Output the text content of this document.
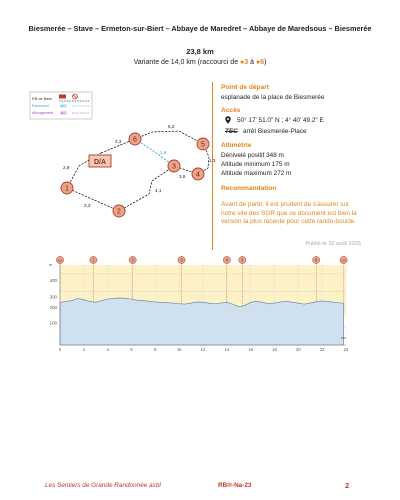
Biesmerée – Stave – Ermeton-sur-Biert – Abbaye de Maredret – Abbaye de Maredsous – Biesmerée
23,8 km
Variante de 14,0 km (raccourci de ●3 à ●6)
RB de Base
Raccourci
Allongement
km
km
2,3
6,2
1,3
3,8
4,1
3,3
2,8
1,6
D/A
1
2
3
4
5
6
Point de départ
esplanade de la place de Biesmerée
Accès
50° 17' 51.0" N ; 4° 40' 49.2" E
TEC arrêt Biesmerée-Place
Altimétrie
Dénivelé positif 348 m
Altitude minimum 175 m
Altitude maximum 272 m
Recommandation
Avant de partir, il est prudent de s'assurer sur notre site des SGR que ce document est bien la version la plus récente pour cette rando-boucle.
Publié le 10 août 2025
m
km
400
300
200
100
0	2	4	6	8	10	12	14	16	18	20	22	24
D/A	1	2	3	4	5	6	D/A
Les Sentiers de Grande Randonnée asbl	RB®-Na-23	2
